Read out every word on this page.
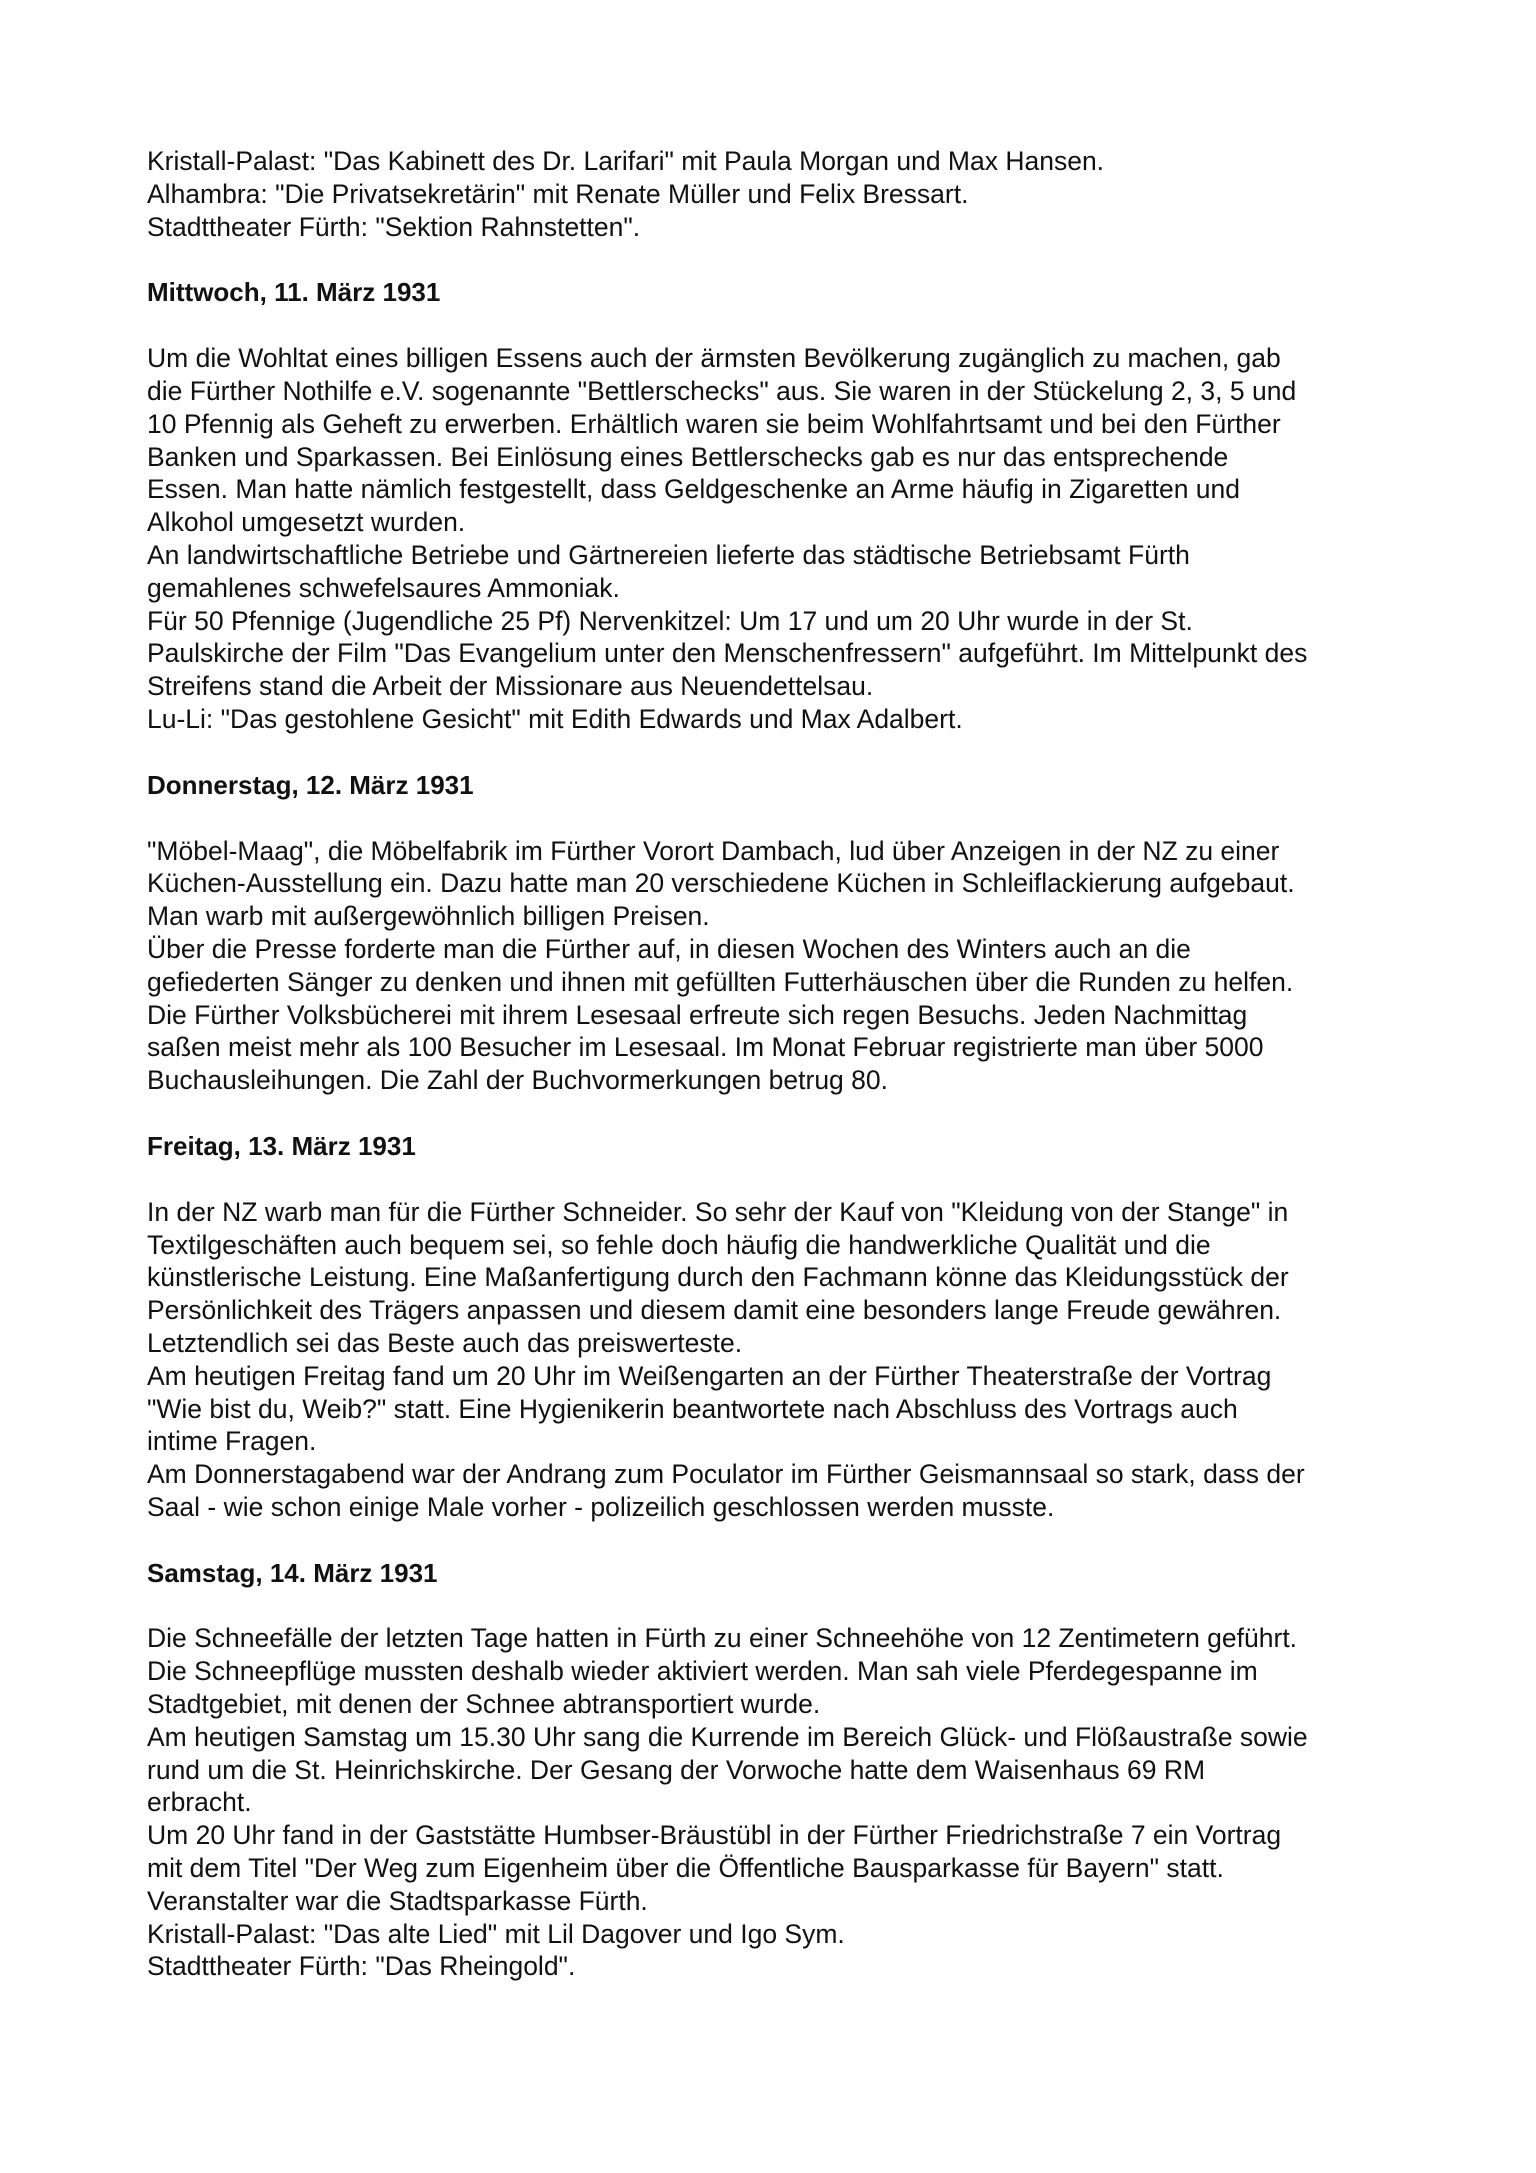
Kristall-Palast: "Das Kabinett des Dr. Larifari" mit Paula Morgan und Max Hansen.

Alhambra: "Die Privatsekretärin" mit Renate Müller und Felix Bressart.

Stadttheater Fürth: "Sektion Rahnstetten".

Mittwoch, 11. März 1931

Um die Wohltat eines billigen Essens auch der ärmsten Bevölkerung zugänglich zu machen, gab

die Fürther Nothilfe e.V. sogenannte "Bettlerschecks" aus. Sie waren in der Stückelung 2, 3, 5 und

10 Pfennig als Geheft zu erwerben. Erhältlich waren sie beim Wohlfahrtsamt und bei den Fürther

Banken und Sparkassen. Bei Einlösung eines Bettlerschecks gab es nur das entsprechende

Essen. Man hatte nämlich festgestellt, dass Geldgeschenke an Arme häufig in Zigaretten und

Alkohol umgesetzt wurden.

An landwirtschaftliche Betriebe und Gärtnereien lieferte das städtische Betriebsamt Fürth

gemahlenes schwefelsaures Ammoniak.

Für 50 Pfennige (Jugendliche 25 Pf) Nervenkitzel: Um 17 und um 20 Uhr wurde in der St.

Paulskirche der Film "Das Evangelium unter den Menschenfressern" aufgeführt. Im Mittelpunkt des

Streifens stand die Arbeit der Missionare aus Neuendettelsau.

Lu-Li: "Das gestohlene Gesicht" mit Edith Edwards und Max Adalbert.

Donnerstag, 12. März 1931

"Möbel-Maag", die Möbelfabrik im Fürther Vorort Dambach, lud über Anzeigen in der NZ zu einer

Küchen-Ausstellung ein. Dazu hatte man 20 verschiedene Küchen in Schleiflackierung aufgebaut.

Man warb mit außergewöhnlich billigen Preisen.

Über die Presse forderte man die Fürther auf, in diesen Wochen des Winters auch an die

gefiederten Sänger zu denken und ihnen mit gefüllten Futterhäuschen über die Runden zu helfen.

Die Fürther Volksbücherei mit ihrem Lesesaal erfreute sich regen Besuchs. Jeden Nachmittag

saßen meist mehr als 100 Besucher im Lesesaal. Im Monat Februar registrierte man über 5000

Buchausleihungen. Die Zahl der Buchvormerkungen betrug 80.

Freitag, 13. März 1931

In der NZ warb man für die Fürther Schneider. So sehr der Kauf von "Kleidung von der Stange" in

Textilgeschäften auch bequem sei, so fehle doch häufig die handwerkliche Qualität und die

künstlerische Leistung. Eine Maßanfertigung durch den Fachmann könne das Kleidungsstück der

Persönlichkeit des Trägers anpassen und diesem damit eine besonders lange Freude gewähren.

Letztendlich sei das Beste auch das preiswerteste.

Am heutigen Freitag fand um 20 Uhr im Weißengarten an der Fürther Theaterstraße der Vortrag

"Wie bist du, Weib?" statt. Eine Hygienikerin beantwortete nach Abschluss des Vortrags auch

intime Fragen.

Am Donnerstagabend war der Andrang zum Poculator im Fürther Geismannsaal so stark, dass der

Saal - wie schon einige Male vorher - polizeilich geschlossen werden musste.

Samstag, 14. März 1931

Die Schneefälle der letzten Tage hatten in Fürth zu einer Schneehöhe von 12 Zentimetern geführt.

Die Schneepflüge mussten deshalb wieder aktiviert werden. Man sah viele Pferdegespanne im

Stadtgebiet, mit denen der Schnee abtransportiert wurde.

Am heutigen Samstag um 15.30 Uhr sang die Kurrende im Bereich Glück- und Flößaustraße sowie

rund um die St. Heinrichskirche. Der Gesang der Vorwoche hatte dem Waisenhaus 69 RM

erbracht.

Um 20 Uhr fand in der Gaststätte Humbser-Bräustübl in der Fürther Friedrichstraße 7 ein Vortrag

mit dem Titel "Der Weg zum Eigenheim über die Öffentliche Bausparkasse für Bayern" statt.

Veranstalter war die Stadtsparkasse Fürth.

Kristall-Palast: "Das alte Lied" mit Lil Dagover und Igo Sym.

Stadttheater Fürth: "Das Rheingold".
